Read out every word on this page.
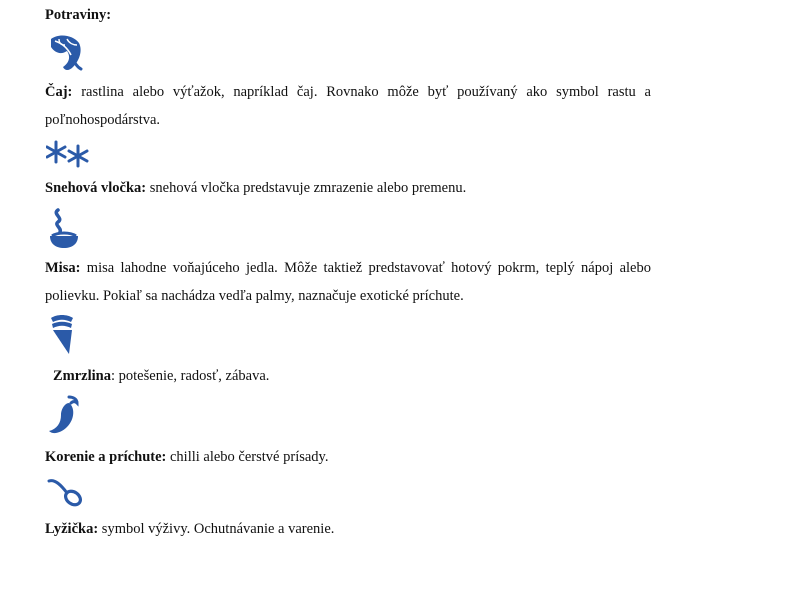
Potraviny:
Čaj: rastlina alebo výťažok, napríklad čaj. Rovnako môže byť používaný ako symbol rastu a poľnohospodárstva.
Snehová vločka: snehová vločka predstavuje zmrazenie alebo premenu.
Misa: misa lahodne voňajúceho jedla. Môže taktiež predstavovať hotový pokrm, teplý nápoj alebo polievku. Pokiaľ sa nachádza vedľa palmy, naznačuje exotické príchute.
Zmrzlina: potešenie, radosť, zábava.
Korenie a príchute: chilli alebo čerstvé prísady.
Lyžička: symbol výživy. Ochutnávanie a varenie.
